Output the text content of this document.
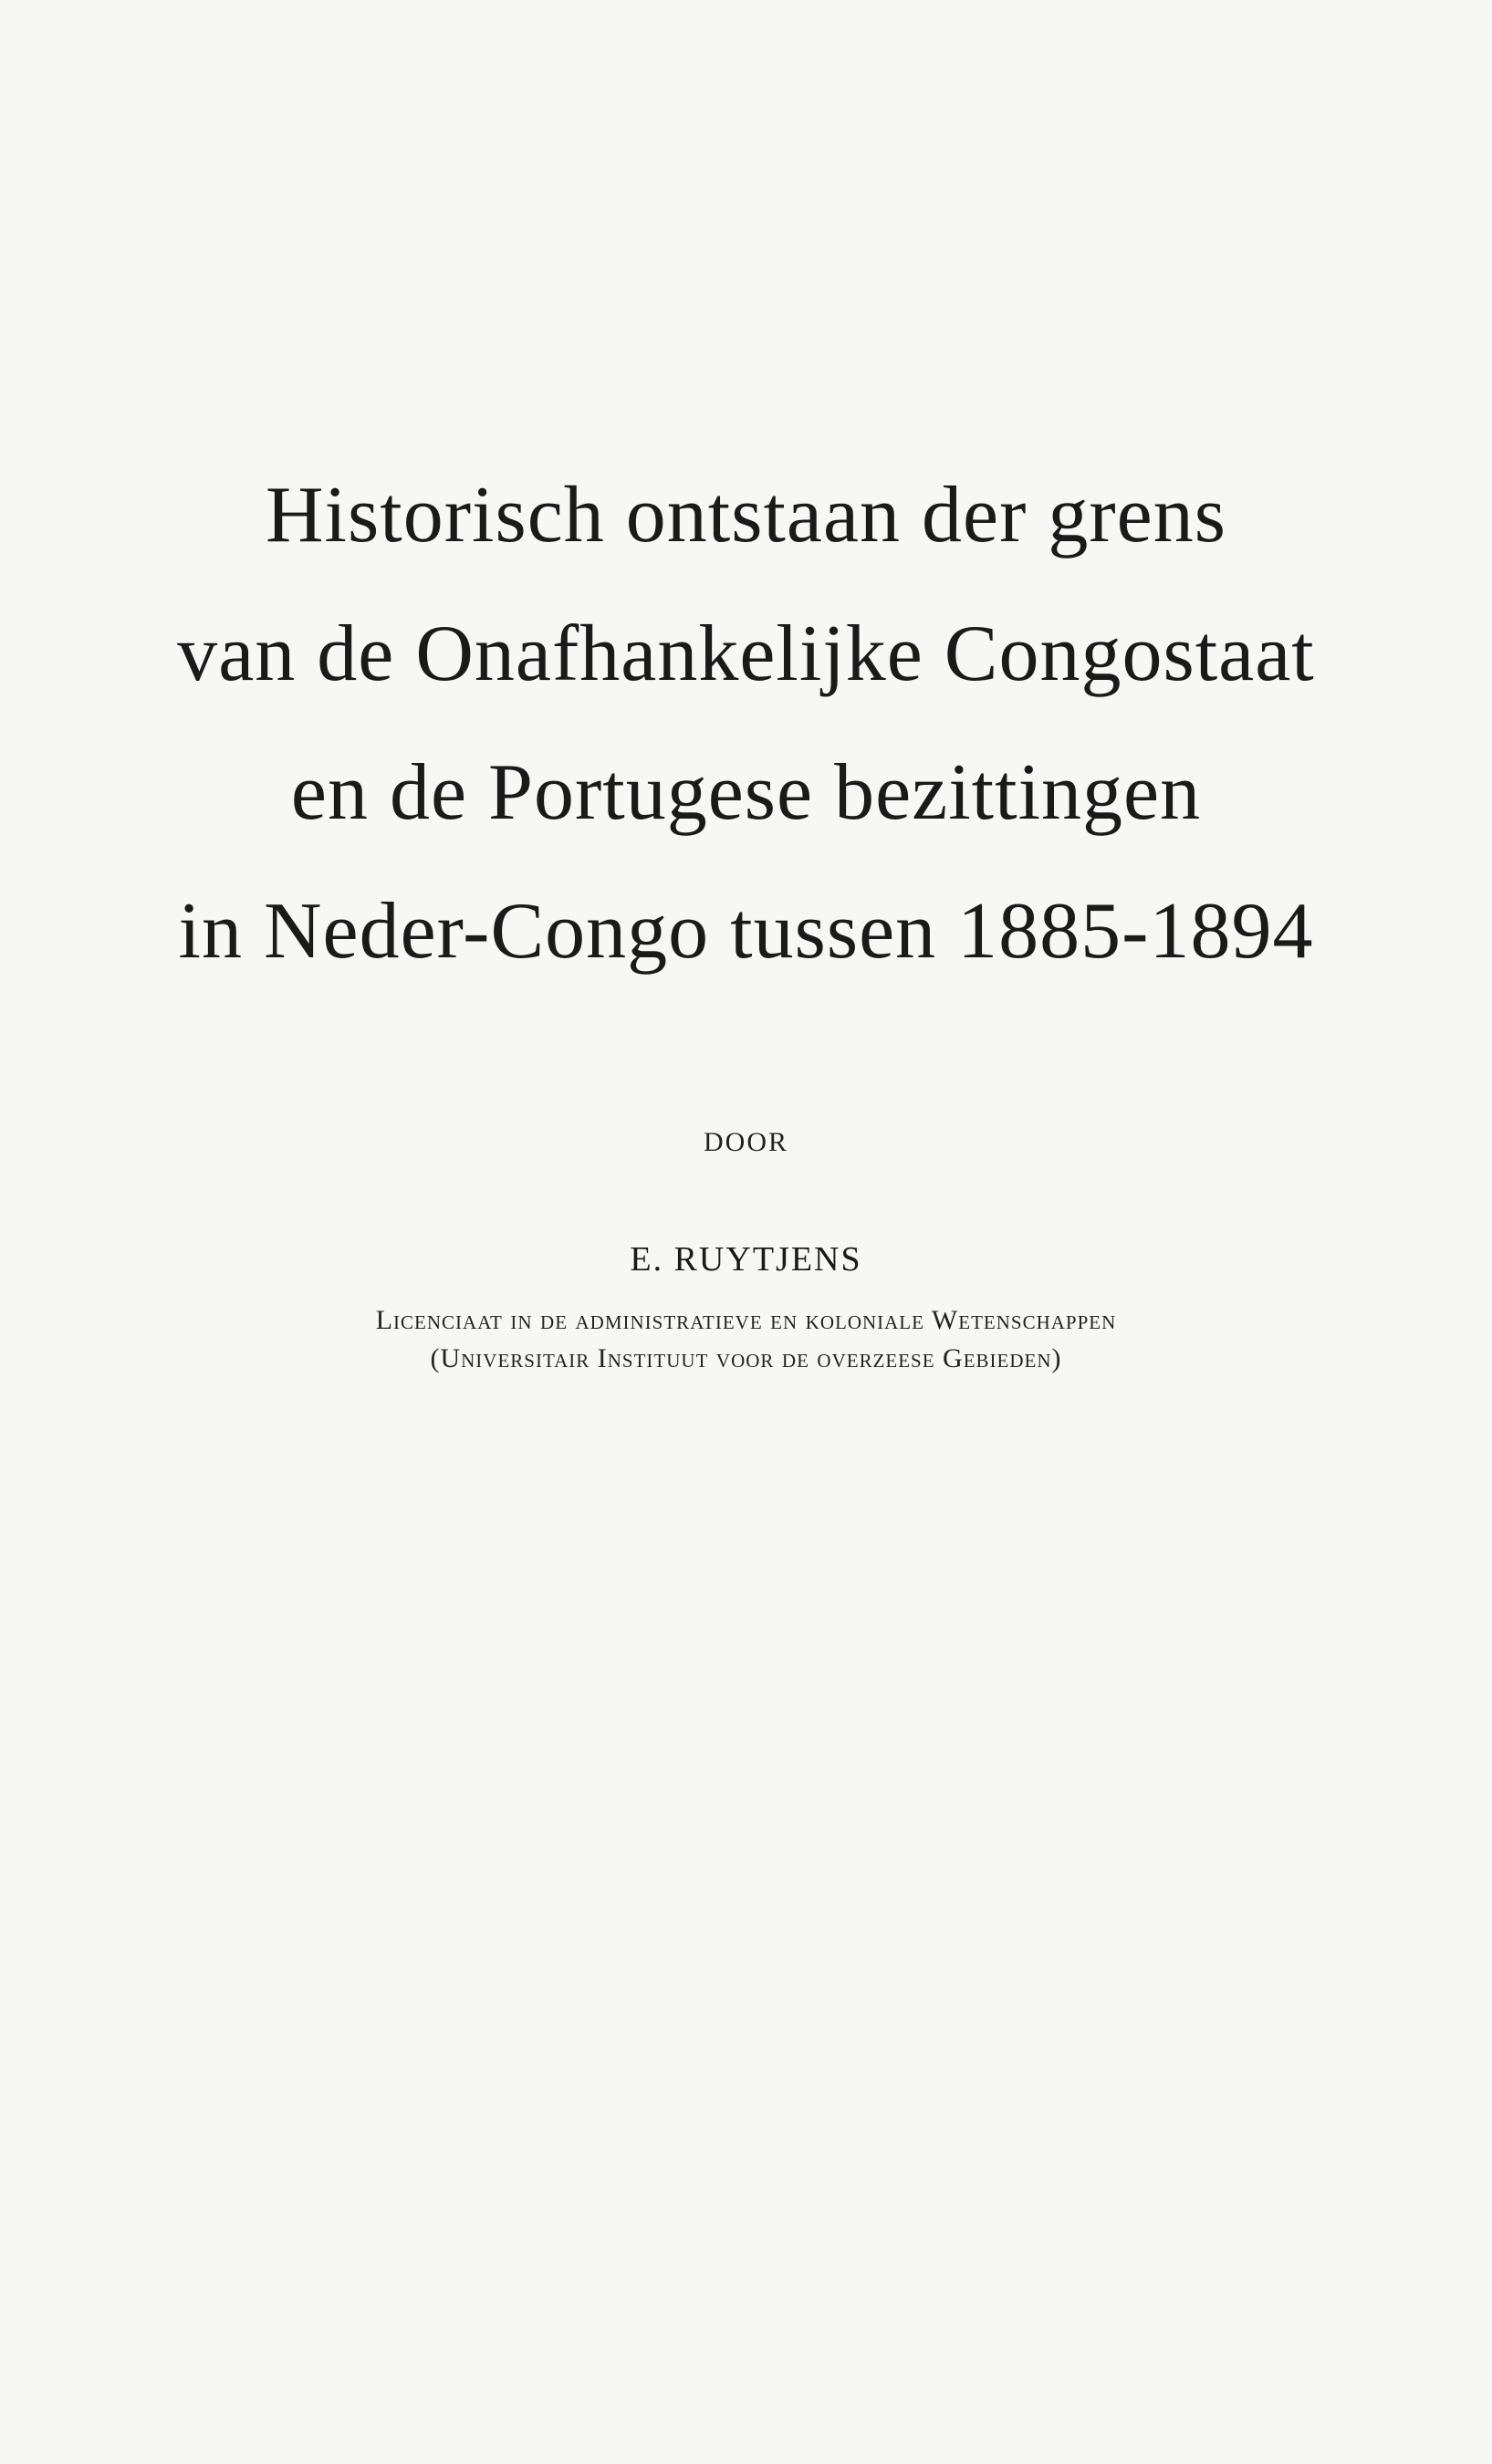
Historisch ontstaan der grens
van de Onafhankelijke Congostaat
en de Portugese bezittingen
in Neder-Congo tussen 1885-1894
DOOR
E. RUYTJENS
Licenciaat in de administratieve en koloniale Wetenschappen
(Universitair Instituut voor de overzeese Gebieden)
